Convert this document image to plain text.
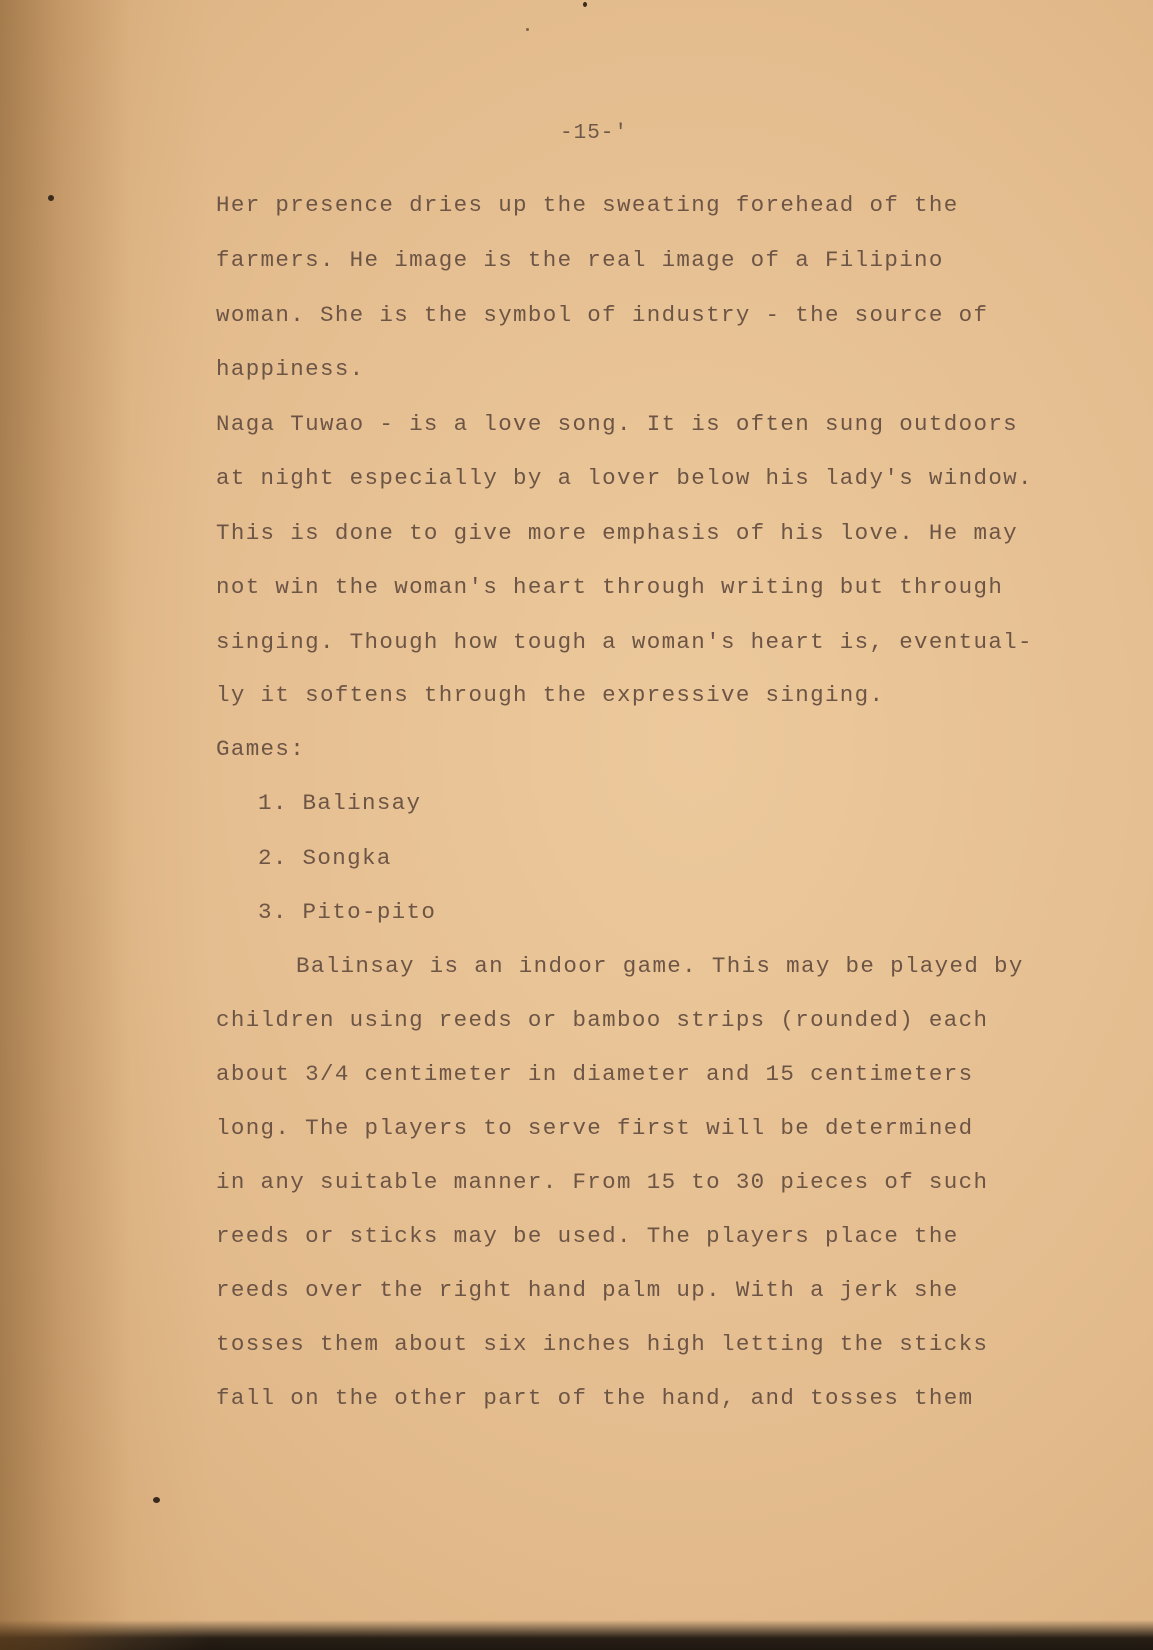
-15-'

Her presence dries up the sweating forehead of the

farmers. He image is the real image of a Filipino

woman. She is the symbol of industry - the source of

happiness.

Naga Tuwao - is a love song. It is often sung outdoors

at night especially by a lover below his lady's window.

This is done to give more emphasis of his love. He may

not win the woman's heart through writing but through

singing. Though how tough a woman's heart is, eventual-

ly it softens through the expressive singing.

Games:

1. Balinsay

2. Songka

3. Pito-pito

Balinsay is an indoor game. This may be played by

children using reeds or bamboo strips (rounded) each

about 3/4 centimeter in diameter and 15 centimeters

long. The players to serve first will be determined

in any suitable manner. From 15 to 30 pieces of such

reeds or sticks may be used. The players place the

reeds over the right hand palm up. With a jerk she

tosses them about six inches high letting the sticks

fall on the other part of the hand, and tosses them
